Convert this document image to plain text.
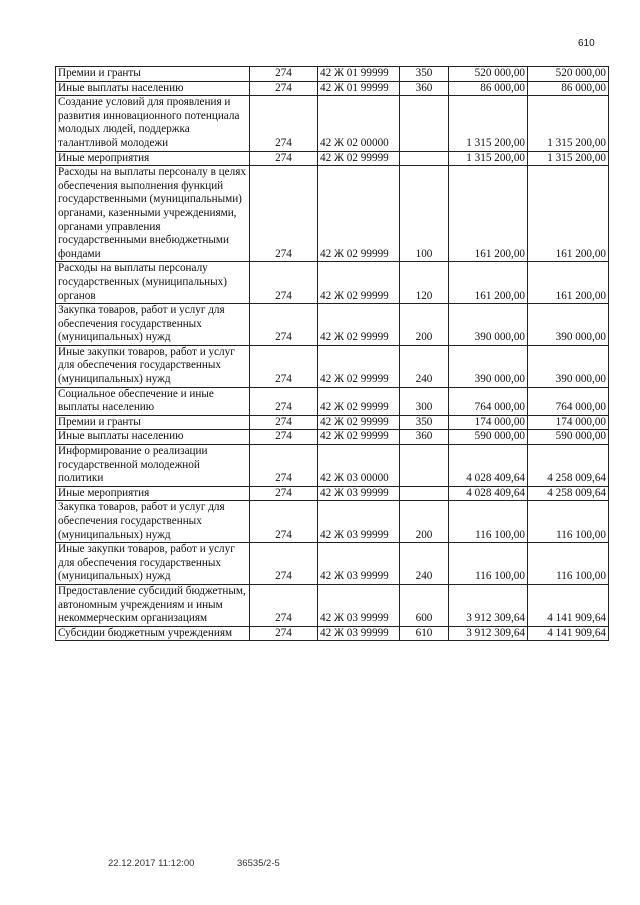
610
Премии и гранты	274	42 Ж 01 99999	350	520 000,00	520 000,00
Иные выплаты населению	274	42 Ж 01 99999	360	86 000,00	86 000,00
Создание условий для проявления и развития инновационного потенциала молодых людей, поддержка талантливой молодежи	274	42 Ж 02 00000		1 315 200,00	1 315 200,00
Иные мероприятия	274	42 Ж 02 99999		1 315 200,00	1 315 200,00
Расходы на выплаты персоналу в целях обеспечения выполнения функций государственными (муниципальными) органами, казенными учреждениями, органами управления государственными внебюджетными фондами	274	42 Ж 02 99999	100	161 200,00	161 200,00
Расходы на выплаты персоналу государственных (муниципальных) органов	274	42 Ж 02 99999	120	161 200,00	161 200,00
Закупка товаров, работ и услуг для обеспечения государственных (муниципальных) нужд	274	42 Ж 02 99999	200	390 000,00	390 000,00
Иные закупки товаров, работ и услуг для обеспечения государственных (муниципальных) нужд	274	42 Ж 02 99999	240	390 000,00	390 000,00
Социальное обеспечение и иные выплаты населению	274	42 Ж 02 99999	300	764 000,00	764 000,00
Премии и гранты	274	42 Ж 02 99999	350	174 000,00	174 000,00
Иные выплаты населению	274	42 Ж 02 99999	360	590 000,00	590 000,00
Информирование о реализации государственной молодежной политики	274	42 Ж 03 00000		4 028 409,64	4 258 009,64
Иные мероприятия	274	42 Ж 03 99999		4 028 409,64	4 258 009,64
Закупка товаров, работ и услуг для обеспечения государственных (муниципальных) нужд	274	42 Ж 03 99999	200	116 100,00	116 100,00
Иные закупки товаров, работ и услуг для обеспечения государственных (муниципальных) нужд	274	42 Ж 03 99999	240	116 100,00	116 100,00
Предоставление субсидий бюджетным, автономным учреждениям и иным некоммерческим организациям	274	42 Ж 03 99999	600	3 912 309,64	4 141 909,64
Субсидии бюджетным учреждениям	274	42 Ж 03 99999	610	3 912 309,64	4 141 909,64
22.12.2017 11:12:00	36535/2-5
